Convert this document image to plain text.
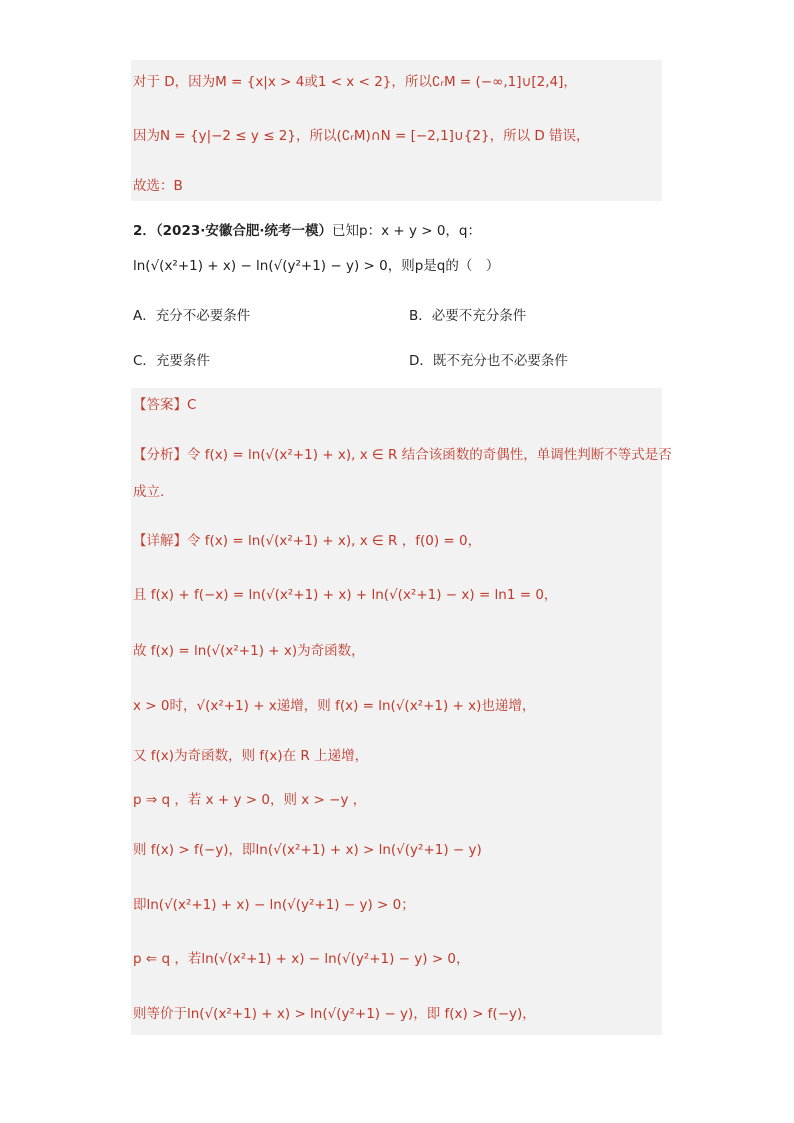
对于 D，因为M = {x|x > 4或1 < x < 2}，所以∁ᵣM = (−∞,1]∪[2,4]，
因为N = {y|−2 ≤ y ≤ 2}，所以(∁ᵣM)∩N = [−2,1]∪{2}，所以 D 错误，
故选：B
2．（2023·安徽合肥·统考一模）已知p：x + y > 0，q：
ln(√(x²+1) + x) − ln(√(y²+1) − y) > 0，则p是q的（　）
A．充分不必要条件	B．必要不充分条件
C．充要条件	D．既不充分也不必要条件
【答案】C
【分析】令 f(x) = ln(√(x²+1) + x), x ∈ R 结合该函数的奇偶性，单调性判断不等式是否
成立.
【详解】令 f(x) = ln(√(x²+1) + x), x ∈ R ，f(0) = 0，
且 f(x) + f(−x) = ln(√(x²+1) + x) + ln(√(x²+1) − x) = ln1 = 0，
故 f(x) = ln(√(x²+1) + x)为奇函数，
x > 0时，√(x²+1) + x递增，则 f(x) = ln(√(x²+1) + x)也递增，
又 f(x)为奇函数，则 f(x)在 R 上递增，
p ⇒ q ，若 x + y > 0，则 x > −y ，
则 f(x) > f(−y)，即ln(√(x²+1) + x) > ln(√(y²+1) − y)
即ln(√(x²+1) + x) − ln(√(y²+1) − y) > 0；
p ⇐ q ，若ln(√(x²+1) + x) − ln(√(y²+1) − y) > 0，
则等价于ln(√(x²+1) + x) > ln(√(y²+1) − y)，即 f(x) > f(−y)，
